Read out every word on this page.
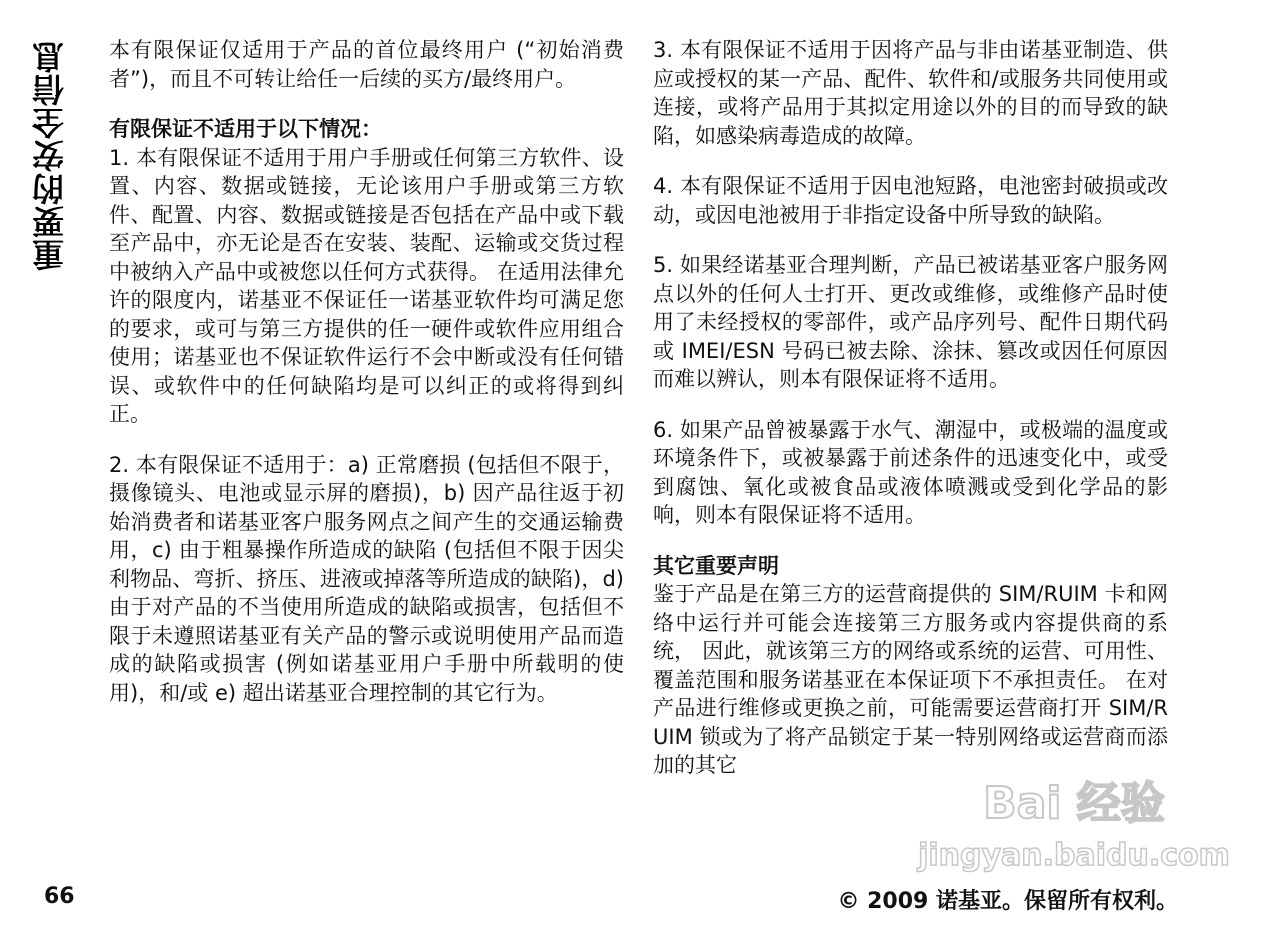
重要的安全信息 本有限保证仅适用于产品的首位最终用户 (“初始消费者”)，而且不可转让给任一后续的买方/最终用户。

有限保证不适用于以下情况：

1. 本有限保证不适用于用户手册或任何第三方软件、设置、内容、数据或链接，无论该用户手册或第三方软件、配置、内容、数据或链接是否包括在产品中或下载至产品中，亦无论是否在安装、装配、运输或交货过程中被纳入产品中或被您以任何方式获得。 在适用法律允许的限度内，诺基亚不保证任一诺基亚软件均可满足您的要求，或可与第三方提供的任一硬件或软件应用组合使用；诺基亚也不保证软件运行不会中断或没有任何错误、或软件中的任何缺陷均是可以纠正的或将得到纠正。

2. 本有限保证不适用于：a) 正常磨损 (包括但不限于，摄像镜头、电池或显示屏的磨损)，b) 因产品往返于初始消费者和诺基亚客户服务网点之间产生的交通运输费用，c) 由于粗暴操作所造成的缺陷 (包括但不限于因尖利物品、弯折、挤压、进液或掉落等所造成的缺陷)，d) 由于对产品的不当使用所造成的缺陷或损害，包括但不限于未遵照诺基亚有关产品的警示或说明使用产品而造成的缺陷或损害 (例如诺基亚用户手册中所载明的使用)，和/或 e) 超出诺基亚合理控制的其它行为。

3. 本有限保证不适用于因将产品与非由诺基亚制造、供应或授权的某一产品、配件、软件和/或服务共同使用或连接，或将产品用于其拟定用途以外的目的而导致的缺陷，如感染病毒造成的故障。

4. 本有限保证不适用于因电池短路，电池密封破损或改动，或因电池被用于非指定设备中所导致的缺陷。

5. 如果经诺基亚合理判断，产品已被诺基亚客户服务网点以外的任何人士打开、更改或维修，或维修产品时使用了未经授权的零部件，或产品序列号、配件日期代码或 IMEI/ESN 号码已被去除、涂抹、篡改或因任何原因而难以辨认，则本有限保证将不适用。

6. 如果产品曾被暴露于水气、潮湿中，或极端的温度或环境条件下，或被暴露于前述条件的迅速变化中，或受到腐蚀、氧化或被食品或液体喷溅或受到化学品的影响，则本有限保证将不适用。

其它重要声明

鉴于产品是在第三方的运营商提供的 SIM/RUIM 卡和网络中运行并可能会连接第三方服务或内容提供商的系统， 因此，就该第三方的网络或系统的运营、可用性、覆盖范围和服务诺基亚在本保证项下不承担责任。 在对产品进行维修或更换之前，可能需要运营商打开 SIM/RUIM 锁或为了将产品锁定于某一特别网络或运营商而添加的其它

66	© 2009 诺基亚。保留所有权利。
Bai 经验
jingyan.baidu.com
